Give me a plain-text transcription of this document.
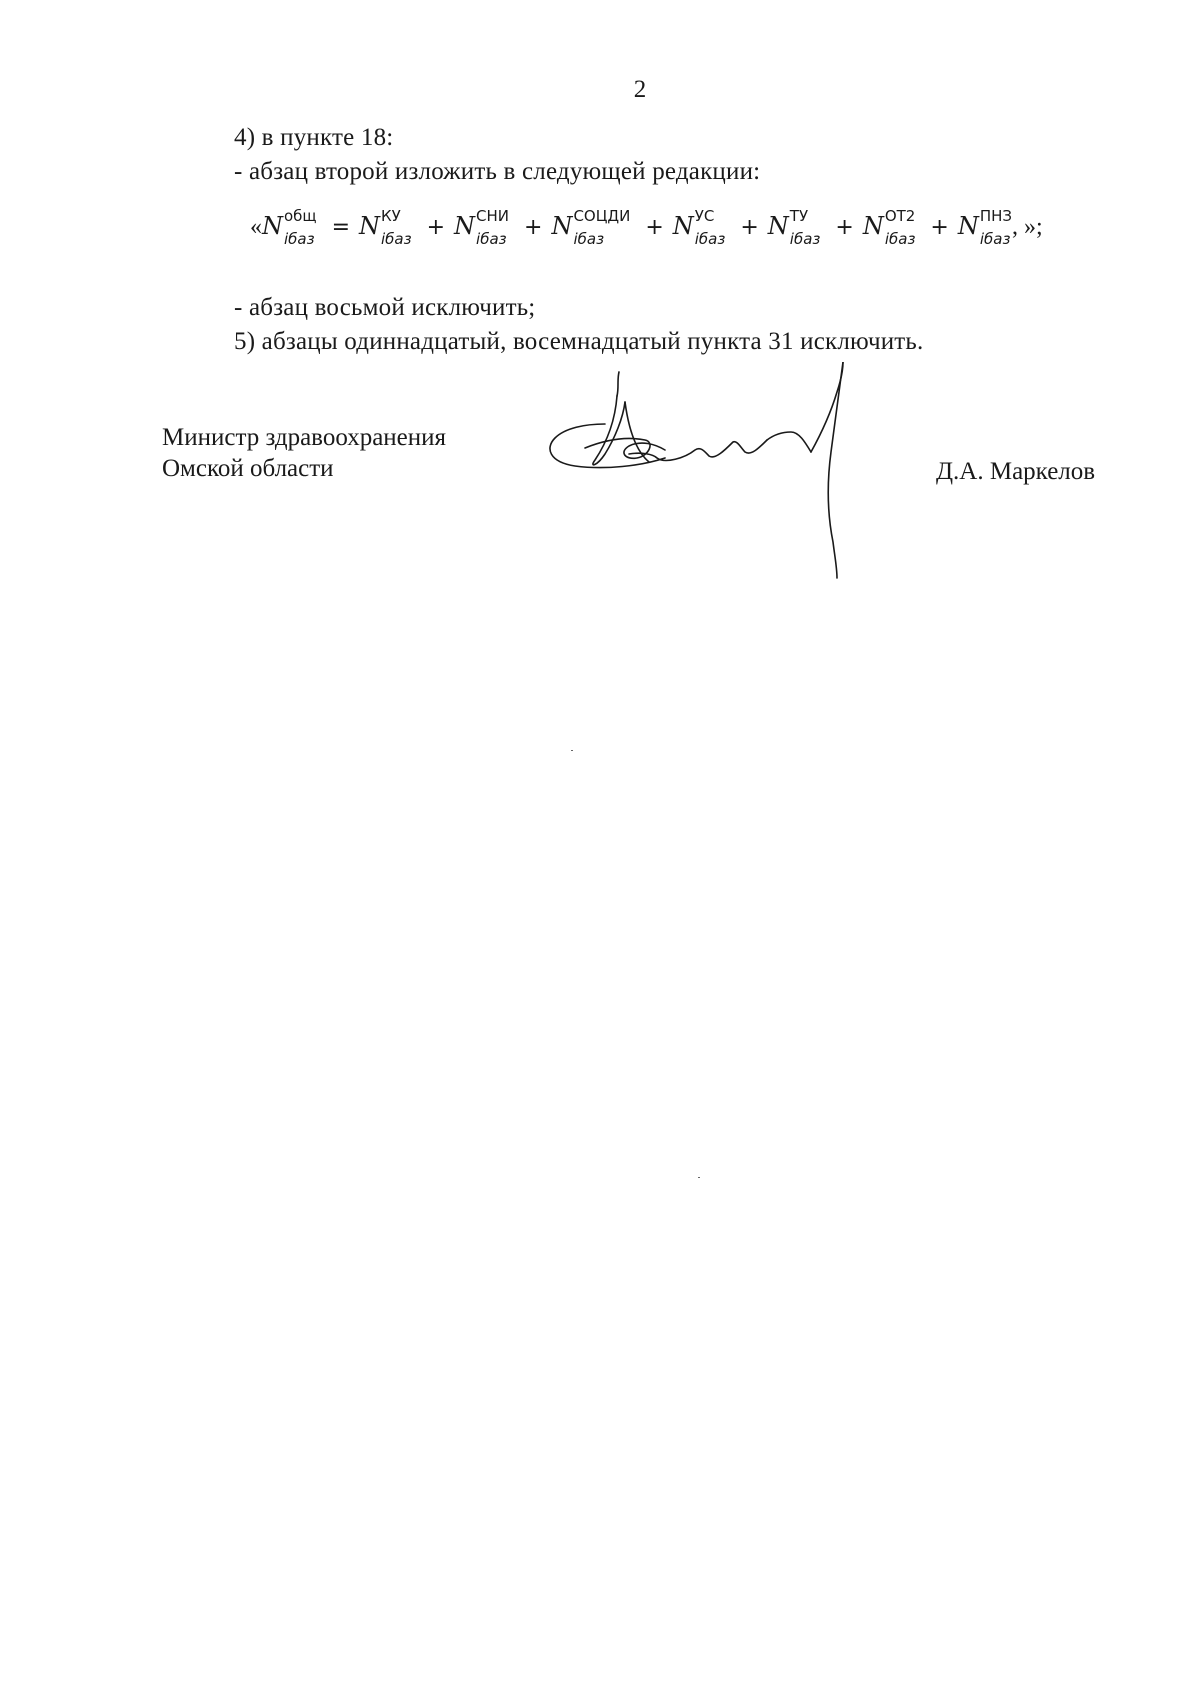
2
4) в пункте 18:
- абзац второй изложить в следующей редакции:
«N общ
iбаз = N КУ
iбаз + N СНИ
iбаз + N СОЦДИ
iбаз	+ N УС
iбаз + N ТУ
iбаз + N ОТ2
iбаз + N ПНЗ
iбаз , »;
- абзац восьмой исключить;
5) абзацы одиннадцатый, восемнадцатый пункта 31 исключить.
Министр здравоохранения
Омской области	Д.А. Маркелов
